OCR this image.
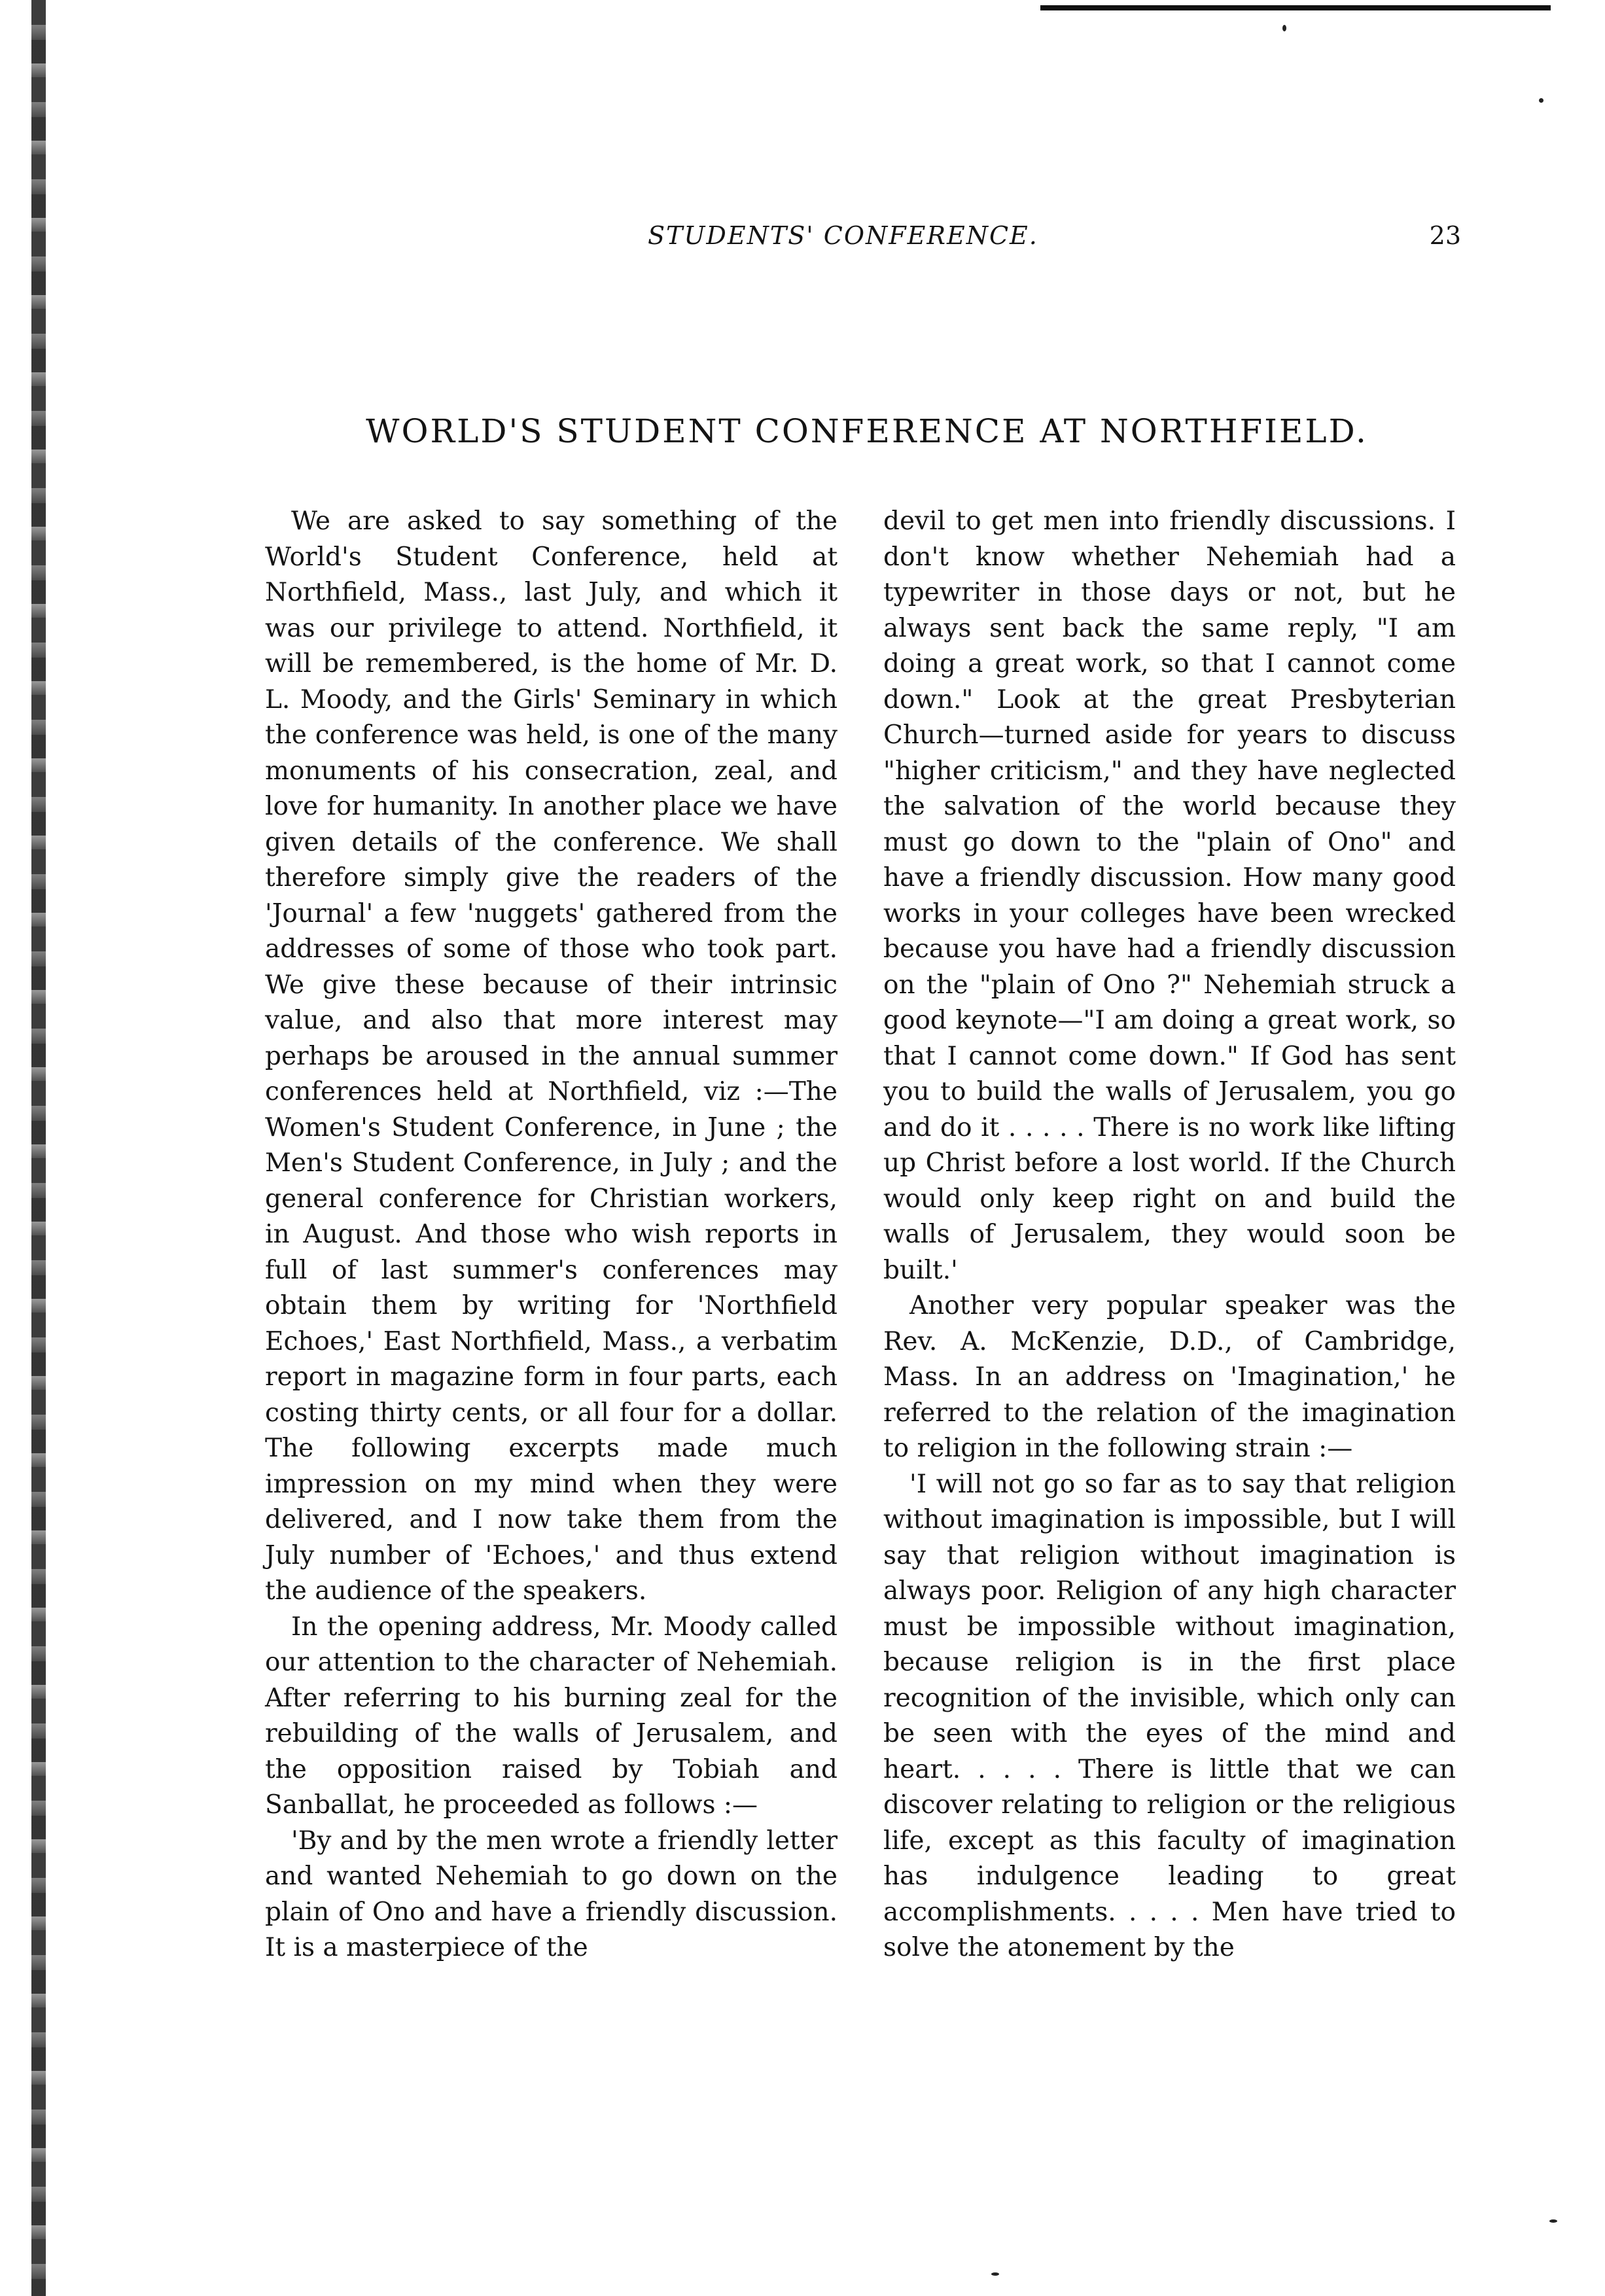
STUDENTS' CONFERENCE.	23
WORLD'S STUDENT CONFERENCE AT NORTHFIELD.

We are asked to say something of the World's Student Conference, held at Northfield, Mass., last July, and which it was our privilege to attend. Northfield, it will be remembered, is the home of Mr. D. L. Moody, and the Girls' Seminary in which the conference was held, is one of the many monuments of his consecration, zeal, and love for humanity. In another place we have given details of the conference. We shall therefore simply give the readers of the 'Journal' a few 'nuggets' gathered from the addresses of some of those who took part. We give these because of their intrinsic value, and also that more interest may perhaps be aroused in the annual summer conferences held at Northfield, viz :—The Women's Student Conference, in June ; the Men's Student Conference, in July ; and the general conference for Christian workers, in August. And those who wish reports in full of last summer's conferences may obtain them by writing for 'Northfield Echoes,' East Northfield, Mass., a verbatim report in magazine form in four parts, each costing thirty cents, or all four for a dollar. The following excerpts made much impression on my mind when they were delivered, and I now take them from the July number of 'Echoes,' and thus extend the audience of the speakers.

In the opening address, Mr. Moody called our attention to the character of Nehemiah. After referring to his burning zeal for the rebuilding of the walls of Jerusalem, and the opposition raised by Tobiah and Sanballat, he proceeded as follows :—

'By and by the men wrote a friendly letter and wanted Nehemiah to go down on the plain of Ono and have a friendly discussion. It is a masterpiece of the

devil to get men into friendly discussions. I don't know whether Nehemiah had a typewriter in those days or not, but he always sent back the same reply, "I am doing a great work, so that I cannot come down." Look at the great Presbyterian Church—turned aside for years to discuss "higher criticism," and they have neglected the salvation of the world because they must go down to the "plain of Ono" and have a friendly discussion. How many good works in your colleges have been wrecked because you have had a friendly discussion on the "plain of Ono ?" Nehemiah struck a good keynote—"I am doing a great work, so that I cannot come down." If God has sent you to build the walls of Jerusalem, you go and do it . . . . . There is no work like lifting up Christ before a lost world. If the Church would only keep right on and build the walls of Jerusalem, they would soon be built.'

Another very popular speaker was the Rev. A. McKenzie, D.D., of Cambridge, Mass. In an address on 'Imagination,' he referred to the relation of the imagination to religion in the following strain :—

'I will not go so far as to say that religion without imagination is impossible, but I will say that religion without imagination is always poor. Religion of any high character must be impossible without imagination, because religion is in the first place recognition of the invisible, which only can be seen with the eyes of the mind and heart. . . . . There is little that we can discover relating to religion or the religious life, except as this faculty of imagination has indulgence leading to great accomplishments. . . . . Men have tried to solve the atonement by the
